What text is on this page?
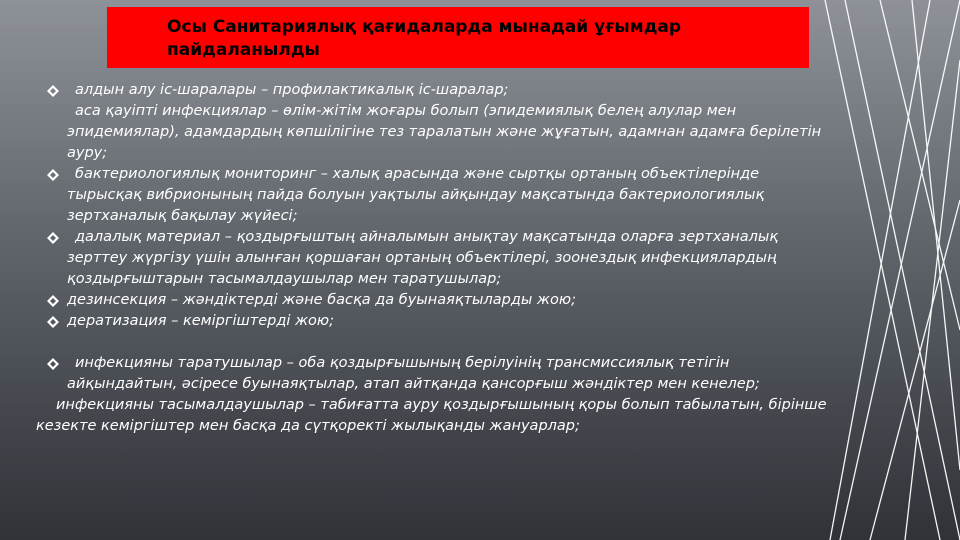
Осы Санитариялық қағидаларда мынадай ұғымдар пайдаланылды
алдын алу іс-шаралары – профилактикалық іс-шаралар;
аса қауіпті инфекциялар – өлім-жітім жоғары болып (эпидемиялық белең алулар мен эпидемиялар), адамдардың көпшілігіне тез таралатын және жұғатын, адамнан адамға берілетін ауру;
бактериологиялық мониторинг – халық арасында және сыртқы ортаның объектілерінде тырысқақ вибрионының пайда болуын уақтылы айқындау мақсатында бактериологиялық зертханалық бақылау жүйесі;
далалық материал – қоздырғыштың айналымын анықтау мақсатында оларға зертханалық зерттеу жүргізу үшін алынған қоршаған ортаның объектілері, зоонездық инфекциялардың қоздырғыштарын тасымалдаушылар мен таратушылар;
дезинсекция – жәндіктерді және басқа да буынаяқтыларды жою;
дератизация – кеміргіштерді жою;
инфекцияны таратушылар – оба қоздырғышының берілуінің трансмиссиялық тетігін айқындайтын, әсіресе буынаяқтылар, атап айтқанда қансорғыш жәндіктер мен кенелер;
инфекцияны тасымалдаушылар – табиғатта ауру қоздырғышының қоры болып табылатын, бірінше кезекте кеміргіштер мен басқа да сүтқоректі жылықанды жануарлар;
